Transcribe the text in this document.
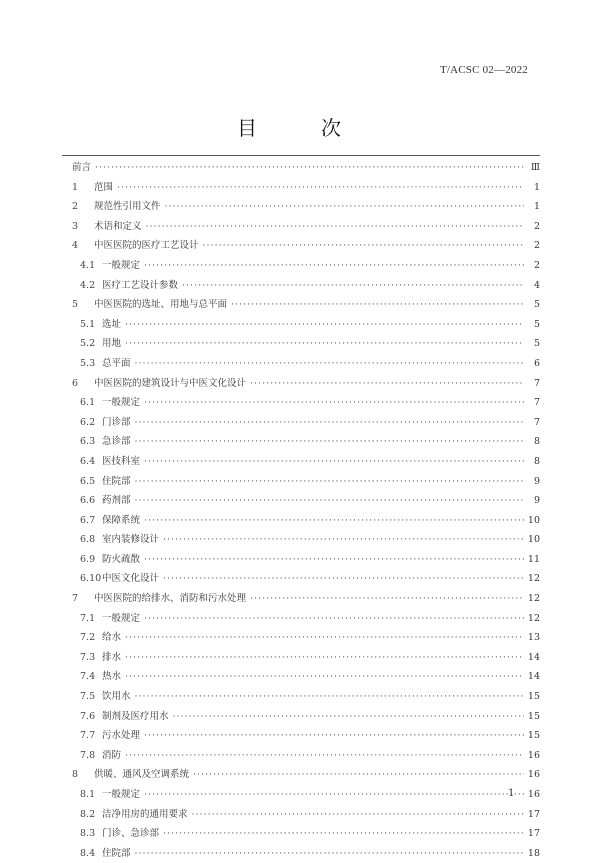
T/ACSC 02—2022
目　次
前言 ·····	Ⅲ
1	范围 ·····	1
2	规范性引用文件 ·····	1
3	术语和定义 ·····	2
4	中医医院的医疗工艺设计 ·····	2
4.1 一般规定 ·····	2
4.2 医疗工艺设计参数 ·····	4
5	中医医院的选址、用地与总平面 ·····	5
5.1 选址 ·····	5
5.2 用地 ·····	5
5.3 总平面 ·····	6
6	中医医院的建筑设计与中医文化设计 ·····	7
6.1 一般规定 ·····	7
6.2 门诊部 ·····	7
6.3 急诊部 ·····	8
6.4 医技科室 ·····	8
6.5 住院部 ·····	9
6.6 药剂部 ·····	9
6.7 保障系统 ·····	10
6.8 室内装修设计 ·····	10
6.9 防火疏散 ·····	11
6.10 中医文化设计 ·····	12
7	中医医院的给排水、消防和污水处理 ·····	12
7.1 一般规定 ·····	12
7.2 给水 ·····	13
7.3 排水 ·····	14
7.4 热水 ·····	14
7.5 饮用水 ·····	15
7.6 制剂及医疗用水 ·····	15
7.7 污水处理 ·····	15
7.8 消防 ·····	16
8	供暖、通风及空调系统 ·····	16
8.1 一般规定 ·····	16
8.2 洁净用房的通用要求 ·····	17
8.3 门诊、急诊部 ·····	17
8.4 住院部 ·····	18
1
